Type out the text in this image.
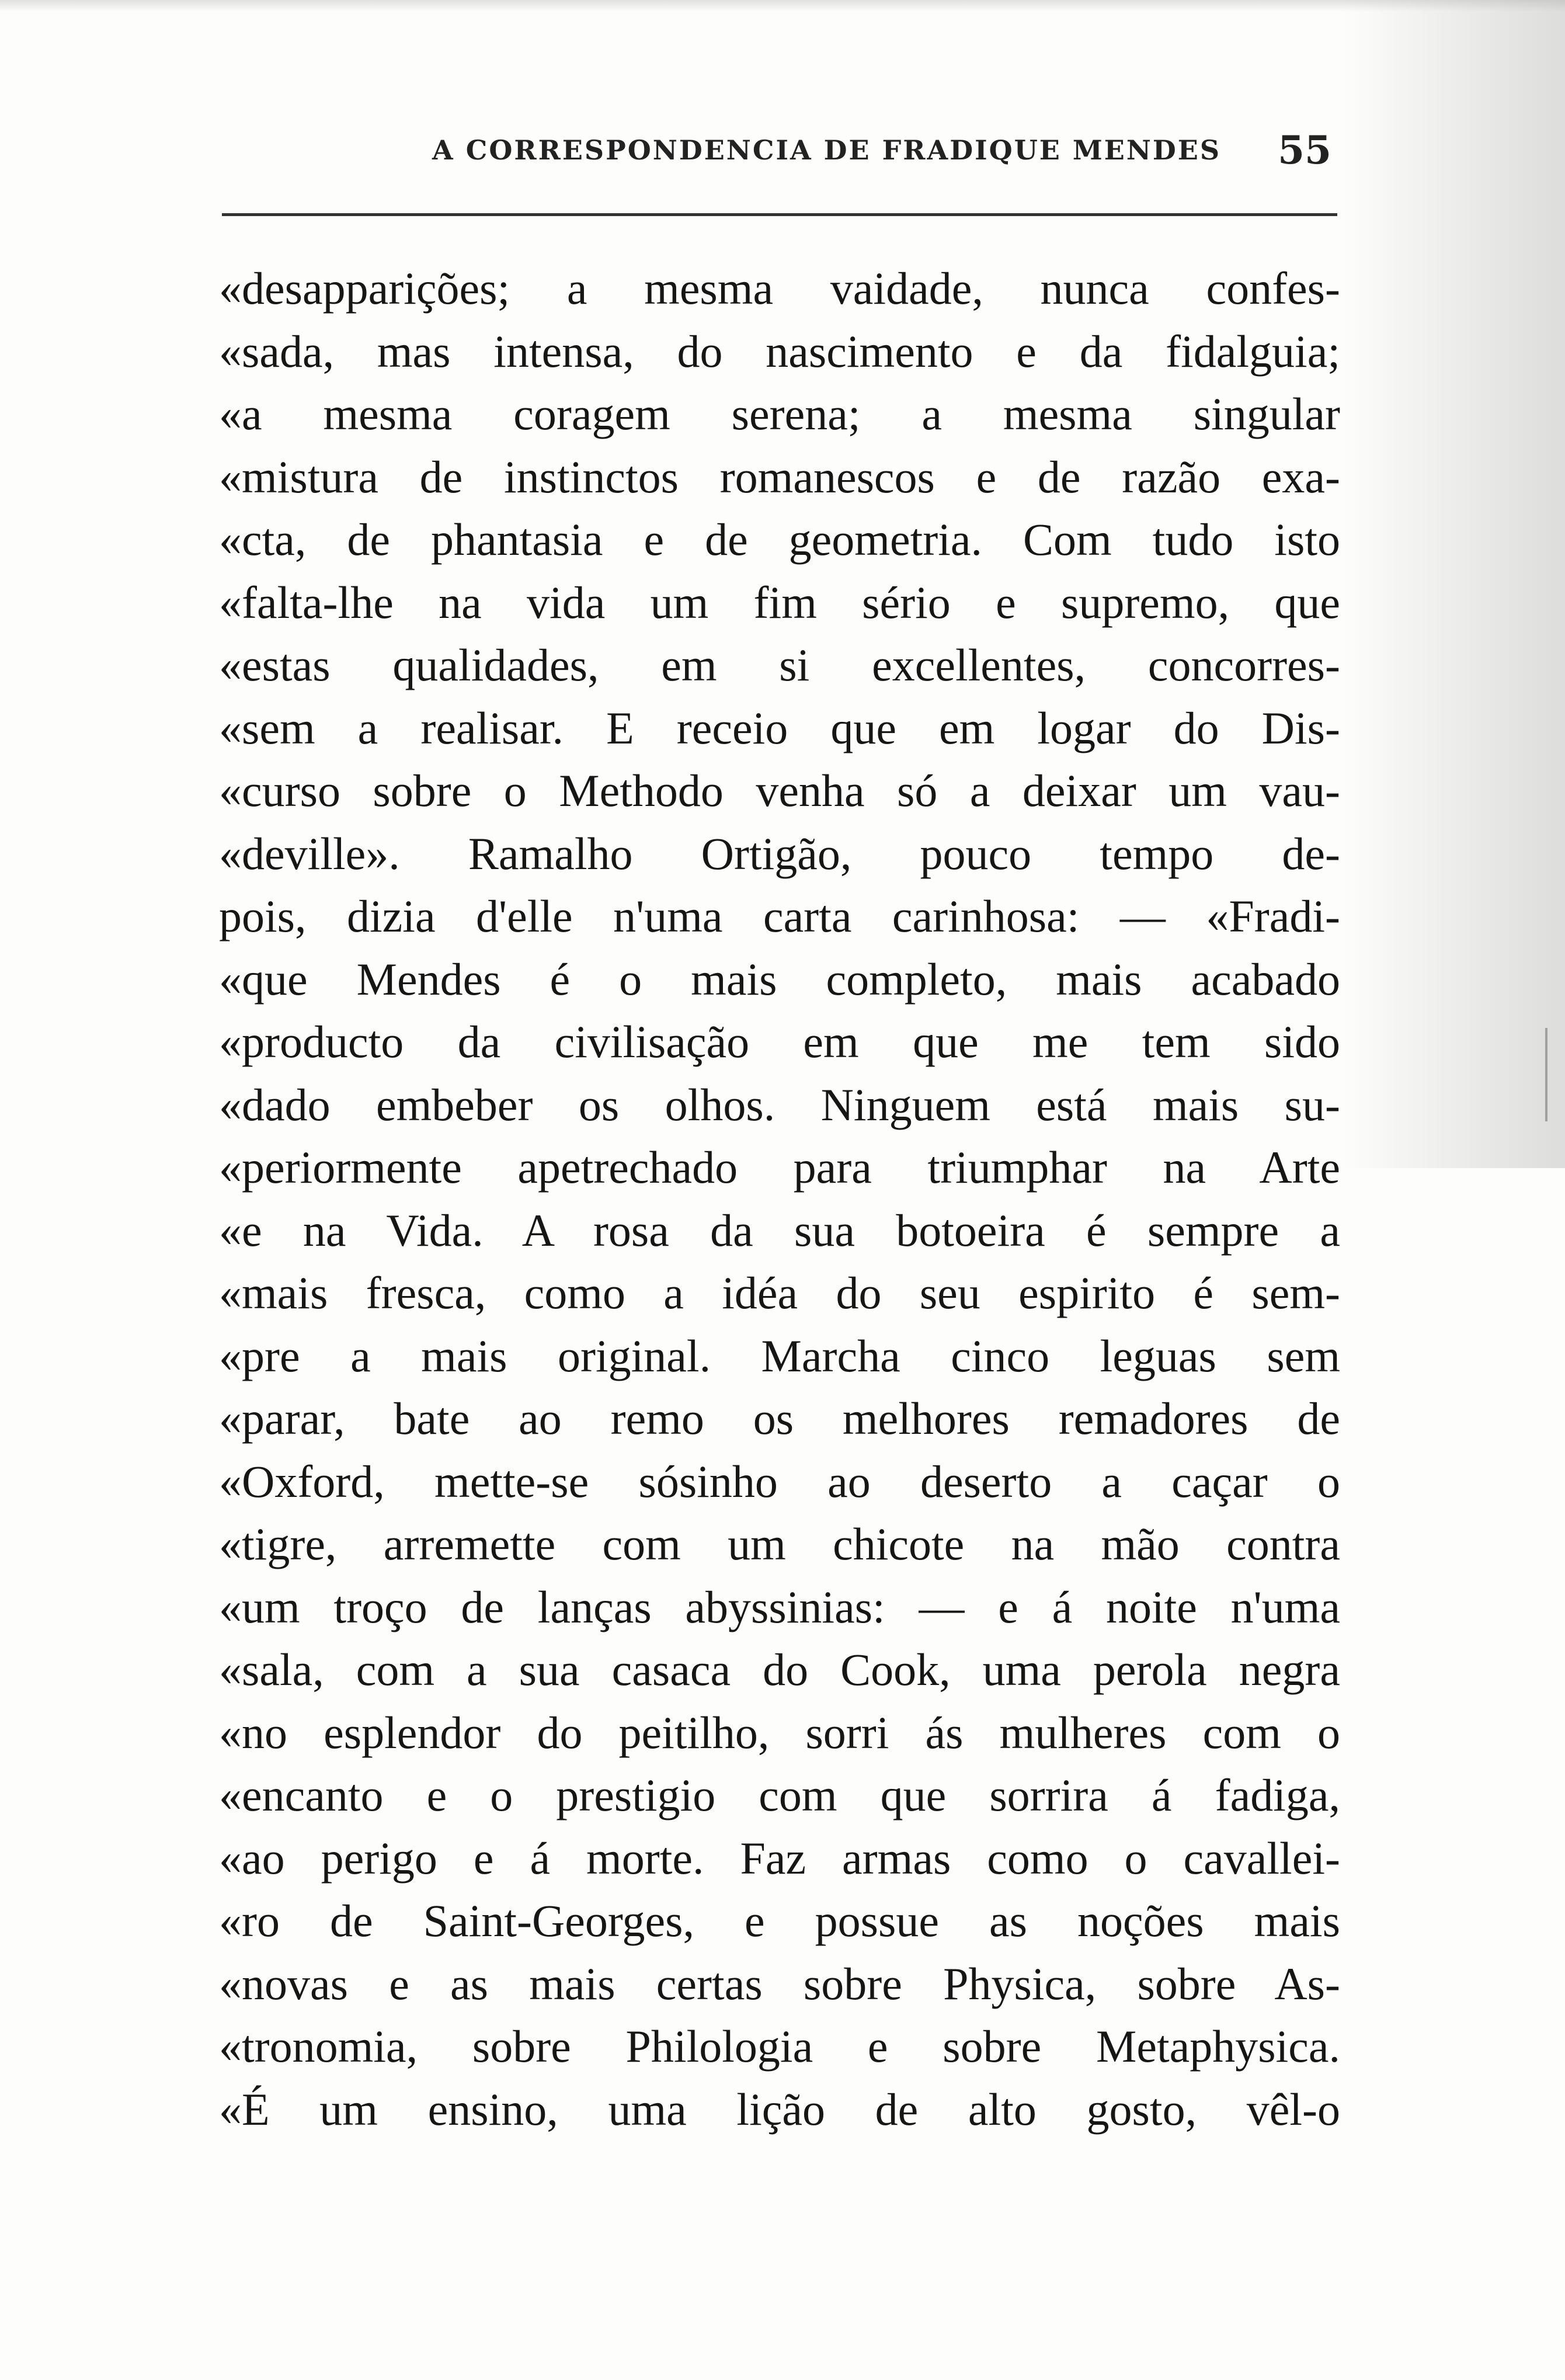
A CORRESPONDENCIA DE FRADIQUE MENDES 55
«desapparições; a mesma vaidade, nunca confes-
«sada, mas intensa, do nascimento e da fidalguia;
«a mesma coragem serena; a mesma singular
«mistura de instinctos romanescos e de razão exa-
«cta, de phantasia e de geometria. Com tudo isto
«falta-lhe na vida um fim sério e supremo, que
«estas qualidades, em si excellentes, concorres-
«sem a realisar. E receio que em logar do Dis-
«curso sobre o Methodo venha só a deixar um vau-
«deville». Ramalho Ortigão, pouco tempo de-
pois, dizia d'elle n'uma carta carinhosa: — «Fradi-
«que Mendes é o mais completo, mais acabado
«producto da civilisação em que me tem sido
«dado embeber os olhos. Ninguem está mais su-
«periormente apetrechado para triumphar na Arte
«e na Vida. A rosa da sua botoeira é sempre a
«mais fresca, como a idéa do seu espirito é sem-
«pre a mais original. Marcha cinco leguas sem
«parar, bate ao remo os melhores remadores de
«Oxford, mette-se sósinho ao deserto a caçar o
«tigre, arremette com um chicote na mão contra
«um troço de lanças abyssinias: — e á noite n'uma
«sala, com a sua casaca do Cook, uma perola negra
«no esplendor do peitilho, sorri ás mulheres com o
«encanto e o prestigio com que sorrira á fadiga,
«ao perigo e á morte. Faz armas como o cavallei-
«ro de Saint-Georges, e possue as noções mais
«novas e as mais certas sobre Physica, sobre As-
«tronomia, sobre Philologia e sobre Metaphysica.
«É um ensino, uma lição de alto gosto, vêl-o
